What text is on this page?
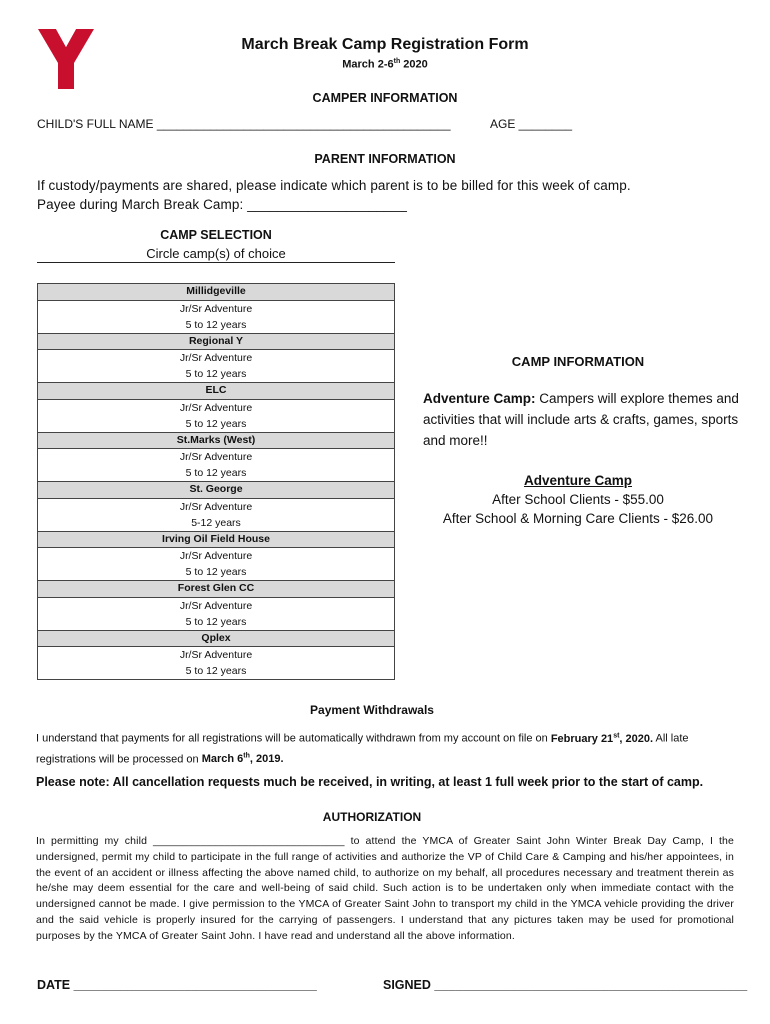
March Break Camp Registration Form
March 2-6th 2020
CAMPER INFORMATION
CHILD'S FULL NAME ____________________________________________	AGE ________
PARENT INFORMATION
If custody/payments are shared, please indicate which parent is to be billed for this week of camp.
Payee during March Break Camp: _____________________
CAMP SELECTION
Circle camp(s) of choice
Millidgeville

Jr/Sr Adventure
5 to 12 years

Regional Y

Jr/Sr Adventure
5 to 12 years

ELC

Jr/Sr Adventure
5 to 12 years

St.Marks (West)

Jr/Sr Adventure
5 to 12 years

St. George

Jr/Sr Adventure
5-12 years

Irving Oil Field House

Jr/Sr Adventure
5 to 12 years

Forest Glen CC

Jr/Sr Adventure
5 to 12 years

Qplex

Jr/Sr Adventure
5 to 12 years
CAMP INFORMATION
Adventure Camp: Campers will explore themes and activities that will include arts & crafts, games, sports and more!!
Adventure Camp
After School Clients - $55.00
After School & Morning Care Clients - $26.00
Payment Withdrawals
I understand that payments for all registrations will be automatically withdrawn from my account on file on February 21st, 2020. All late registrations will be processed on March 6th, 2019.
Please note: All cancellation requests much be received, in writing, at least 1 full week prior to the start of camp.
AUTHORIZATION
In permitting my child ________________________________ to attend the YMCA of Greater Saint John Winter Break Day Camp, I the undersigned, permit my child to participate in the full range of activities and authorize the VP of Child Care & Camping and his/her appointees, in the event of an accident or illness affecting the above named child, to authorize on my behalf, all procedures necessary and treatment therein as he/she may deem essential for the care and well-being of said child. Such action is to be undertaken only when immediate contact with the undersigned cannot be made. I give permission to the YMCA of Greater Saint John to transport my child in the YMCA vehicle providing the driver and the said vehicle is properly insured for the carrying of passengers. I understand that any pictures taken may be used for promotional purposes by the YMCA of Greater Saint John. I have read and understand all the above information.
DATE ___________________________________	SIGNED _____________________________________________
